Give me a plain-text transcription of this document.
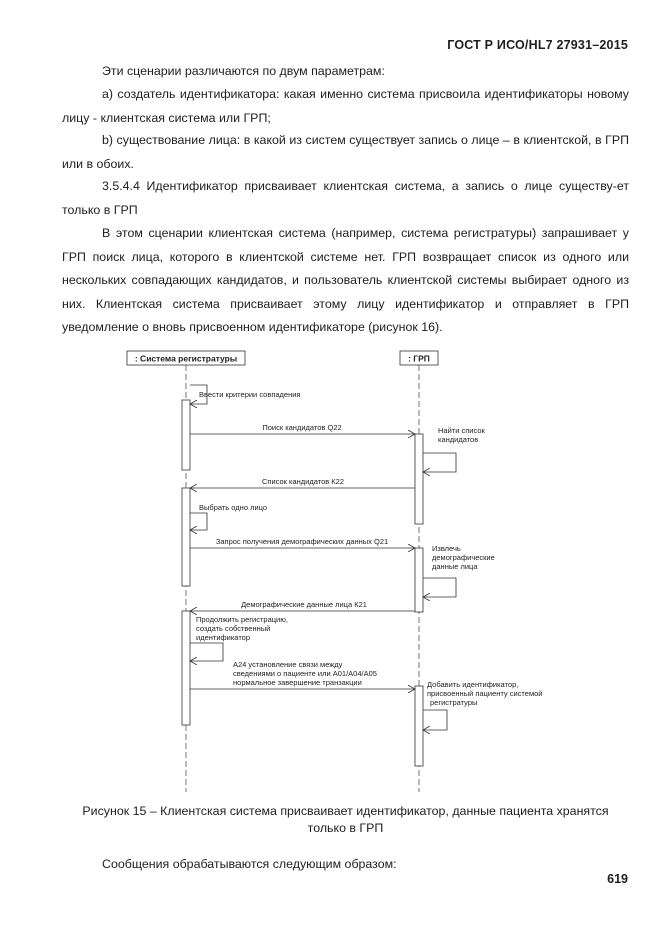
ГОСТ Р ИСО/HL7 27931–2015

Эти сценарии различаются по двум параметрам:

а) создатель идентификатора: какая именно система присвоила идентификаторы новому лицу - клиентская система или ГРП;

b) существование лица: в какой из систем существует запись о лице – в клиентской, в ГРП или в обоих.

3.5.4.4 Идентификатор присваивает клиентская система, а запись о лице существу-ет только в ГРП

В этом сценарии клиентская система (например, система регистратуры) запрашивает у ГРП поиск лица, которого в клиентской системе нет. ГРП возвращает список из одного или нескольких совпадающих кандидатов, и пользователь клиентской системы выбирает одного из них. Клиентская система присваивает этому лицу идентификатор и отправляет в ГРП уведомление о вновь присвоенном идентификаторе (рисунок 16).

: Система регистратуры	: ГРП
Ввести критерии совпадения
Поиск кандидатов Q22	Найти список
кандидатов
Список кандидатов К22
Выбрать одно лицо
Запрос получения демографических данных Q21
Извлечь
демографические
данные лица
Демографические данные лица К21
Продолжить регистрацию,
создать собственный
идентификатор
А24 установление связи между
сведениями о пациенте или А01/А04/А05
нормальное завершение транзакции	Добавить идентификатор,
присвоенный пациенту системой
регистратуры
Рисунок 15 – Клиентская система присваивает идентификатор, данные пациента хранятся
только в ГРП

Сообщения обрабатываются следующим образом:

619
